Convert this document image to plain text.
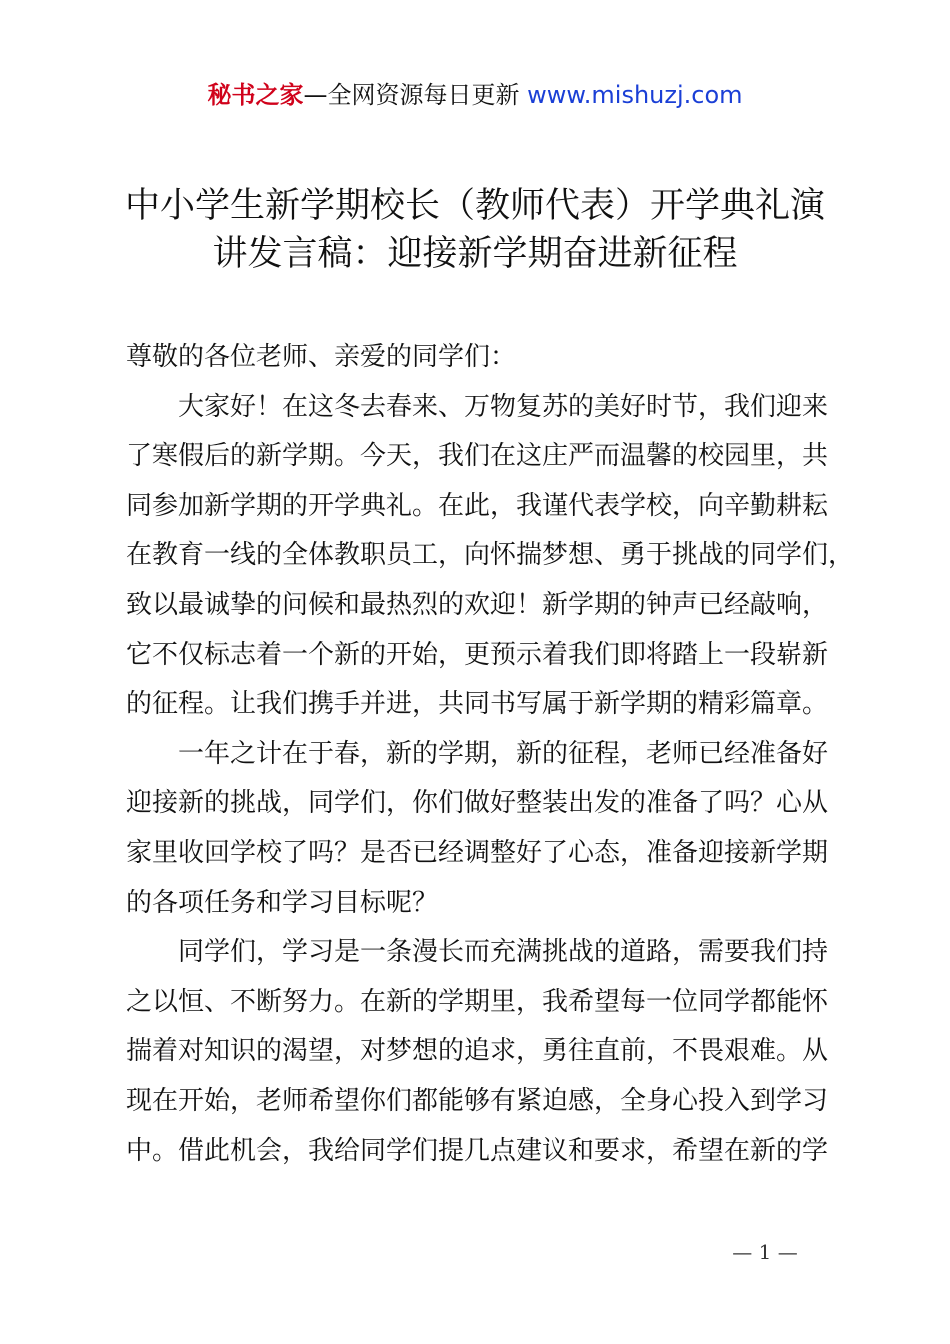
秘书之家—全网资源每日更新 www.mishuzj.com
中小学生新学期校长（教师代表）开学典礼演
讲发言稿：迎接新学期奋进新征程

尊敬的各位老师、亲爱的同学们：

　　大家好！在这冬去春来、万物复苏的美好时节，我们迎来
了寒假后的新学期。今天，我们在这庄严而温馨的校园里，共
同参加新学期的开学典礼。在此，我谨代表学校，向辛勤耕耘
在教育一线的全体教职员工，向怀揣梦想、勇于挑战的同学们，
致以最诚挚的问候和最热烈的欢迎！新学期的钟声已经敲响，
它不仅标志着一个新的开始，更预示着我们即将踏上一段崭新
的征程。让我们携手并进，共同书写属于新学期的精彩篇章。

　　一年之计在于春，新的学期，新的征程，老师已经准备好
迎接新的挑战，同学们，你们做好整装出发的准备了吗？心从
家里收回学校了吗？是否已经调整好了心态，准备迎接新学期
的各项任务和学习目标呢？

　　同学们，学习是一条漫长而充满挑战的道路，需要我们持
之以恒、不断努力。在新的学期里，我希望每一位同学都能怀
揣着对知识的渴望，对梦想的追求，勇往直前，不畏艰难。从
现在开始，老师希望你们都能够有紧迫感，全身心投入到学习
中。借此机会，我给同学们提几点建议和要求，希望在新的学

— 1 —
